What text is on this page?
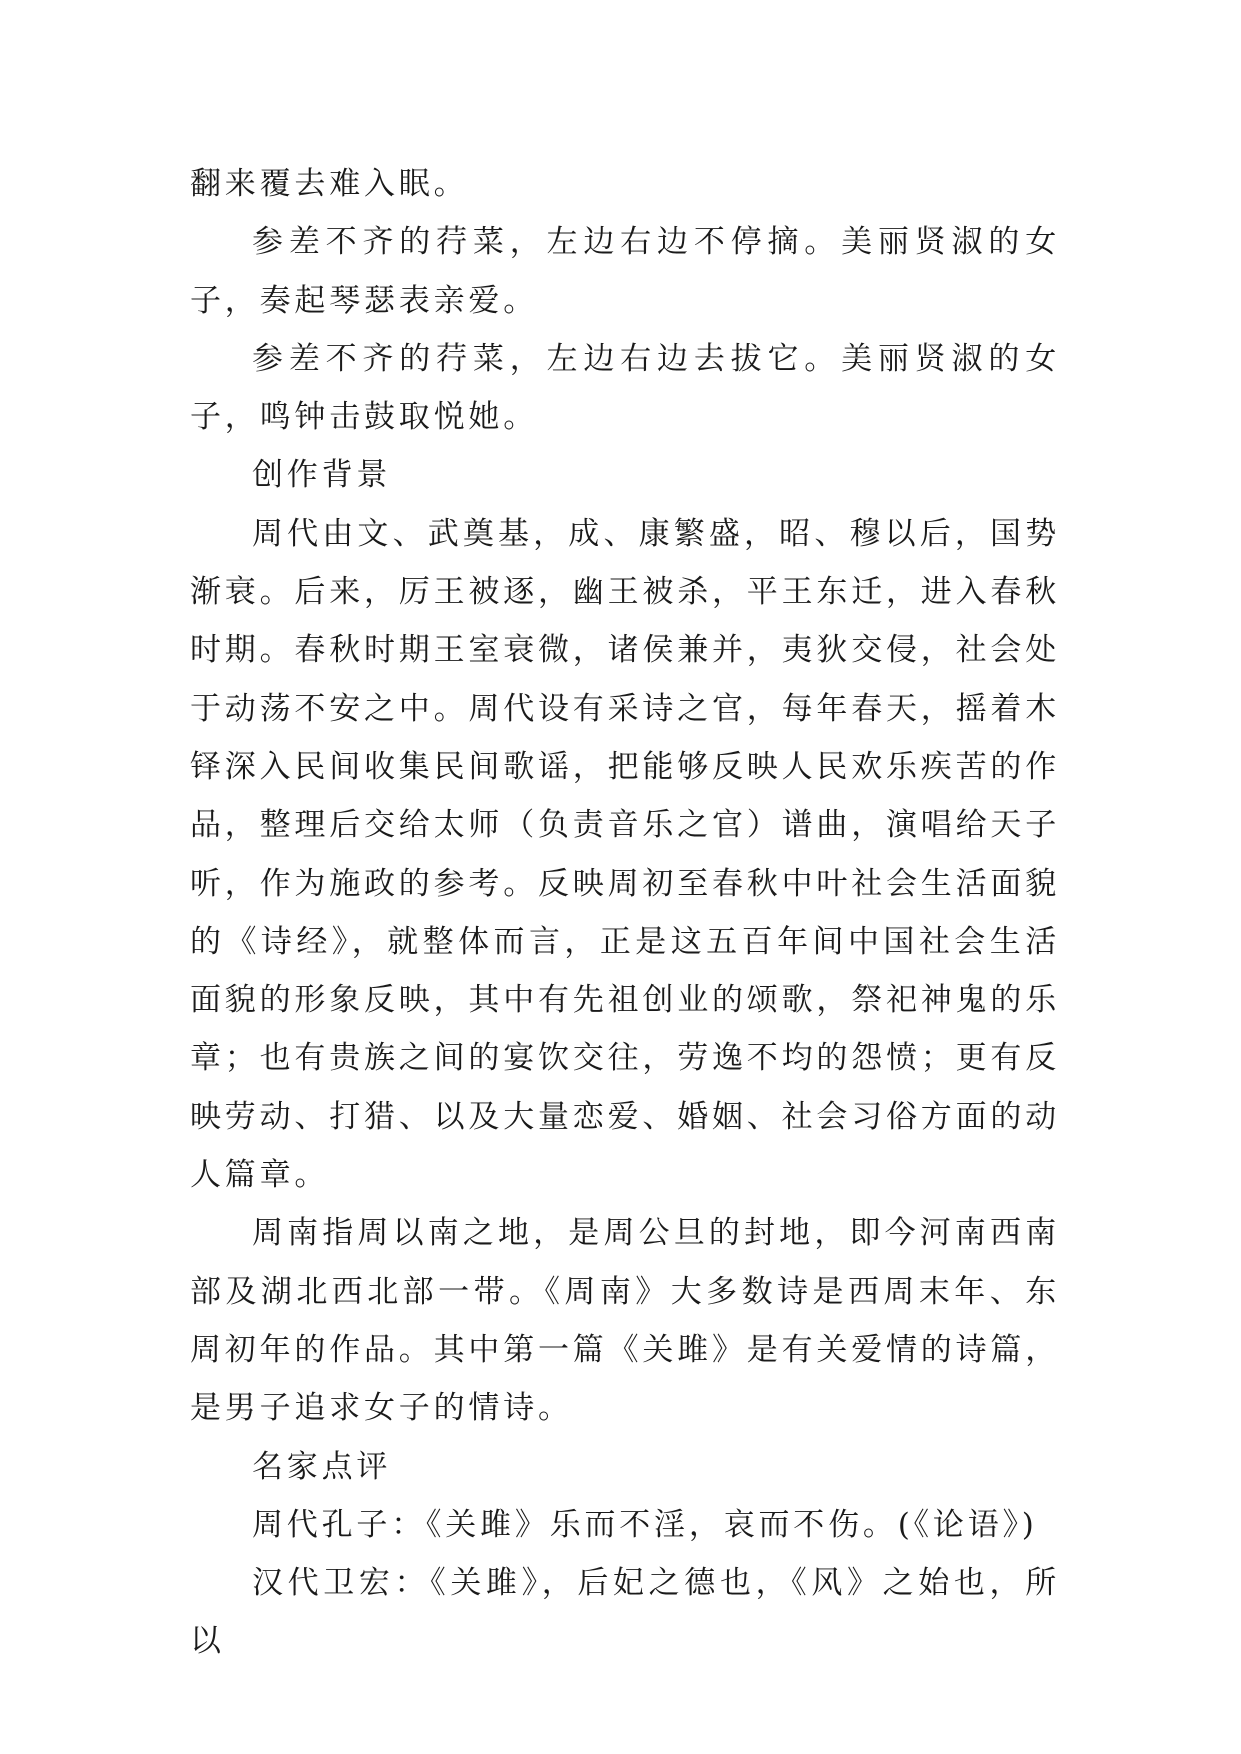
翻来覆去难入眠。

参差不齐的荇菜，左边右边不停摘。美丽贤淑的女子，奏起琴瑟表亲爱。

参差不齐的荇菜，左边右边去拔它。美丽贤淑的女子，鸣钟击鼓取悦她。

创作背景

周代由文、武奠基，成、康繁盛，昭、穆以后，国势渐衰。后来，厉王被逐，幽王被杀，平王东迁，进入春秋时期。春秋时期王室衰微，诸侯兼并，夷狄交侵，社会处于动荡不安之中。周代设有采诗之官，每年春天，摇着木铎深入民间收集民间歌谣，把能够反映人民欢乐疾苦的作品，整理后交给太师（负责音乐之官）谱曲，演唱给天子听，作为施政的参考。反映周初至春秋中叶社会生活面貌的《诗经》，就整体而言，正是这五百年间中国社会生活面貌的形象反映，其中有先祖创业的颂歌，祭祀神鬼的乐章；也有贵族之间的宴饮交往，劳逸不均的怨愤；更有反映劳动、打猎、以及大量恋爱、婚姻、社会习俗方面的动人篇章。

周南指周以南之地，是周公旦的封地，即今河南西南部及湖北西北部一带。《周南》大多数诗是西周末年、东周初年的作品。其中第一篇《关雎》是有关爱情的诗篇，是男子追求女子的情诗。

名家点评

周代孔子：《关雎》乐而不淫，哀而不伤。(《论语》)

汉代卫宏：《关雎》，后妃之德也，《风》之始也，所以
